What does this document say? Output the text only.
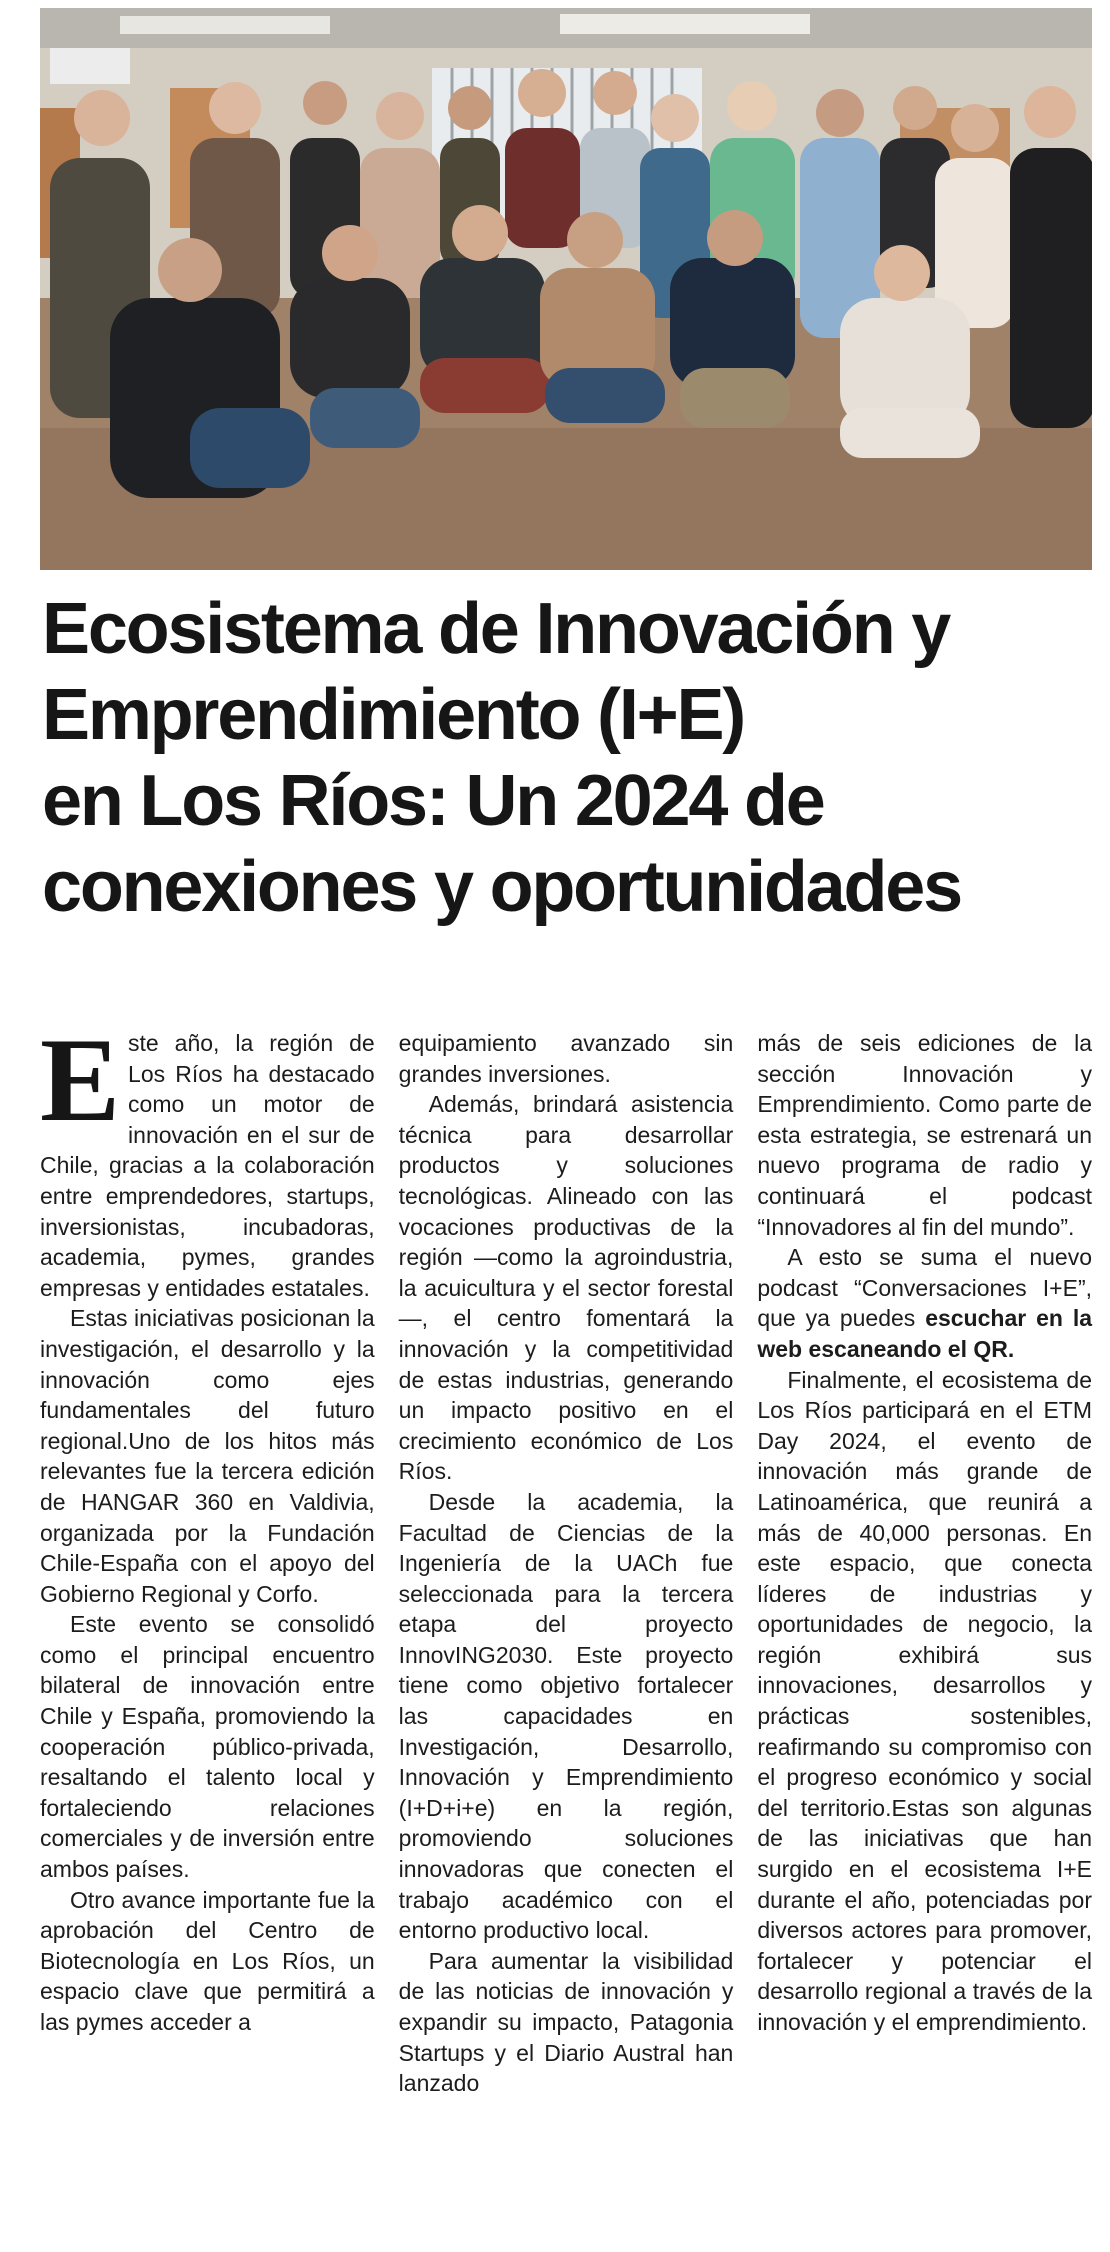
Ecosistema de Innovación y
Emprendimiento (I+E)
en Los Ríos: Un 2024 de
conexiones y oportunidades

Este año, la región de Los Ríos ha destacado como un motor de innovación en el sur de Chile, gracias a la colaboración entre emprendedores, startups, inversionistas, incubadoras, academia, pymes, grandes empresas y entidades estatales.

Estas iniciativas posicionan la investigación, el desarrollo y la innovación como ejes fundamentales del futuro regional.Uno de los hitos más relevantes fue la tercera edición de HANGAR 360 en Valdivia, organizada por la Fundación Chile-España con el apoyo del Gobierno Regional y Corfo.

Este evento se consolidó como el principal encuentro bilateral de innovación entre Chile y España, promoviendo la cooperación público-privada, resaltando el talento local y fortaleciendo relaciones comerciales y de inversión entre ambos países.

Otro avance importante fue la aprobación del Centro de Biotecnología en Los Ríos, un espacio clave que permitirá a las pymes acceder a

equipamiento avanzado sin grandes inversiones.

Además, brindará asistencia técnica para desarrollar productos y soluciones tecnológicas. Alineado con las vocaciones productivas de la región —como la agroindustria, la acuicultura y el sector forestal—, el centro fomentará la innovación y la competitividad de estas industrias, generando un impacto positivo en el crecimiento económico de Los Ríos.

Desde la academia, la Facultad de Ciencias de la Ingeniería de la UACh fue seleccionada para la tercera etapa del proyecto InnovING2030. Este proyecto tiene como objetivo fortalecer las capacidades en Investigación, Desarrollo, Innovación y Emprendimiento (I+D+i+e) en la región, promoviendo soluciones innovadoras que conecten el trabajo académico con el entorno productivo local.

Para aumentar la visibilidad de las noticias de innovación y expandir su impacto, Patagonia Startups y el Diario Austral han lanzado

más de seis ediciones de la sección Innovación y Emprendimiento. Como parte de esta estrategia, se estrenará un nuevo programa de radio y continuará el podcast “Innovadores al fin del mundo”.

A esto se suma el nuevo podcast “Conversaciones I+E”, que ya puedes escuchar en la web escaneando el QR.

Finalmente, el ecosistema de Los Ríos participará en el ETM Day 2024, el evento de innovación más grande de Latinoamérica, que reunirá a más de 40,000 personas. En este espacio, que conecta líderes de industrias y oportunidades de negocio, la región exhibirá sus innovaciones, desarrollos y prácticas sostenibles, reafirmando su compromiso con el progreso económico y social del territorio.Estas son algunas de las iniciativas que han surgido en el ecosistema I+E durante el año, potenciadas por diversos actores para promover, fortalecer y potenciar el desarrollo regional a través de la innovación y el emprendimiento.
